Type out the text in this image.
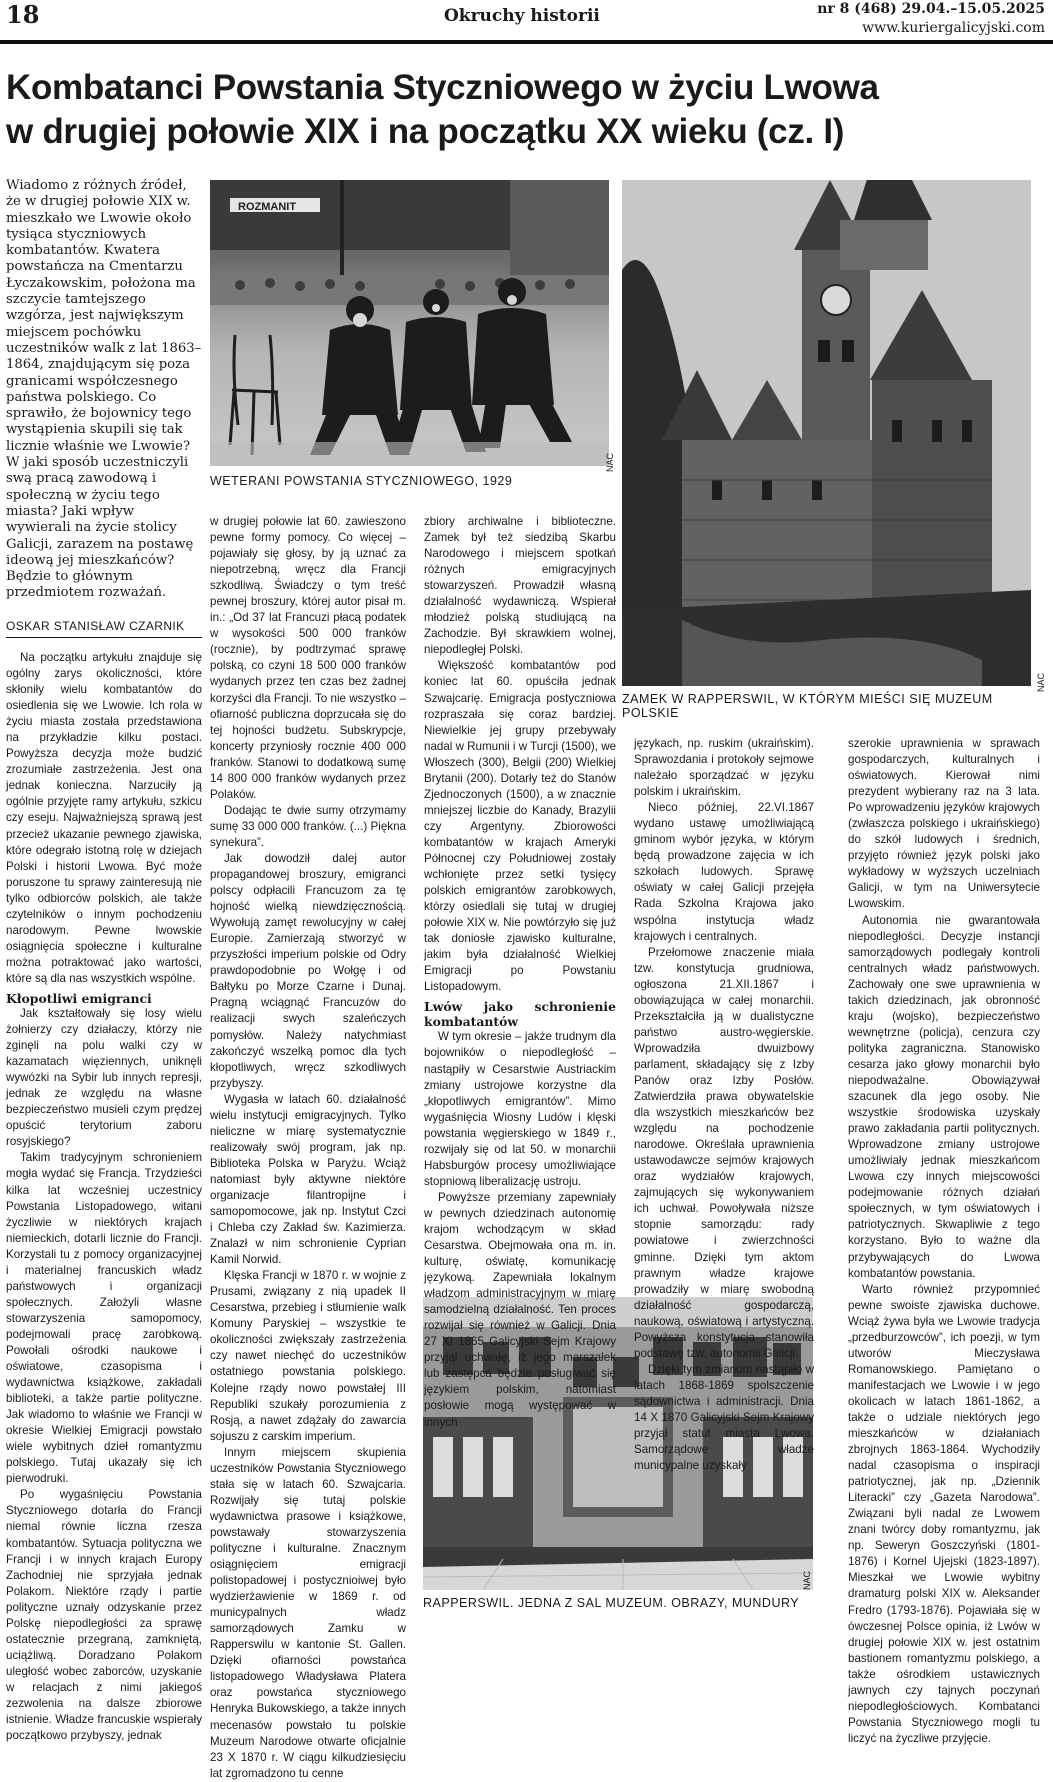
18	Okruchy historii	nr 8 (468) 29.04.–15.05.2025
www.kuriergalicyjski.com
Kombatanci Powstania Styczniowego w życiu Lwowa
w drugiej połowie XIX i na początku XX wieku (cz. I)
Wiadomo z różnych źródeł, że w drugiej połowie XIX w. mieszkało we Lwowie około tysiąca styczniowych kombatantów. Kwatera powstańcza na Cmentarzu Łyczakowskim, położona ma szczycie tamtejszego wzgórza, jest największym miejscem pochówku uczestników walk z lat 1863–1864, znajdującym się poza granicami współczesnego państwa polskiego. Co sprawiło, że bojownicy tego wystąpienia skupili się tak licznie właśnie we Lwowie? W jaki sposób uczestniczyli swą pracą zawodową i społeczną w życiu tego miasta? Jaki wpływ wywierali na życie stolicy Galicji, zarazem na postawę ideową jej mieszkańców? Będzie to głównym przedmiotem rozważań.
OSKAR STANISŁAW CZARNIK
ROZMANIT
WETERANI POWSTANIA STYCZNIOWEGO, 1929
NAC
ZAMEK W RAPPERSWIL, W KTÓRYM MIEŚCI SIĘ MUZEUM POLSKIE
NAC
RAPPERSWIL. JEDNA Z SAL MUZEUM. OBRAZY, MUNDURY
NAC

Na początku artykułu znajduje się ogólny zarys okoliczności, które skłoniły wielu kombatantów do osiedlenia się we Lwowie. Ich rola w życiu miasta została przedstawiona na przykładzie kilku postaci. Powyższa decyzja może budzić zrozumiałe zastrzeżenia. Jest ona jednak konieczna. Narzuciły ją ogólnie przyjęte ramy artykułu, szkicu czy eseju. Najważniejszą sprawą jest przecież ukazanie pewnego zjawiska, które odegrało istotną rolę w dziejach Polski i historii Lwowa. Być może poruszone tu sprawy zainteresują nie tylko odbiorców polskich, ale także czytelników o innym pochodzeniu narodowym. Pewne lwowskie osiągnięcia społeczne i kulturalne można potraktować jako wartości, które są dla nas wszystkich wspólne.

Kłopotliwi emigranci

Jak kształtowały się losy wielu żołnierzy czy działaczy, którzy nie zginęli na polu walki czy w kazamatach więziennych, uniknęli wywózki na Sybir lub innych represji, jednak ze względu na własne bezpieczeństwo musieli czym prędzej opuścić terytorium zaboru rosyjskiego?

Takim tradycyjnym schronieniem mogła wydać się Francja. Trzydzieści kilka lat wcześniej uczestnicy Powstania Listopadowego, witani życzliwie w niektórych krajach niemieckich, dotarli licznie do Francji. Korzystali tu z pomocy organizacyjnej i materialnej francuskich władz państwowych i organizacji społecznych. Założyli własne stowarzyszenia samopomocy, podejmowali pracę zarobkową. Powołali ośrodki naukowe i oświatowe, czasopisma i wydawnictwa książkowe, zakładali biblioteki, a także partie polityczne. Jak wiadomo to właśnie we Francji w okresie Wielkiej Emigracji powstało wiele wybitnych dzieł romantyzmu polskiego. Tutaj ukazały się ich pierwodruki.

Po wygaśnięciu Powstania Styczniowego dotarła do Francji niemal równie liczna rzesza kombatantów. Sytuacja polityczna we Francji i w innych krajach Europy Zachodniej nie sprzyjała jednak Polakom. Niektóre rządy i partie polityczne uznały odzyskanie przez Polskę niepodległości za sprawę ostatecznie przegraną, zamkniętą, uciążliwą. Doradzano Polakom uległość wobec zaborców, uzyskanie w relacjach z nimi jakiegoś zezwolenia na dalsze zbiorowe istnienie. Władze francuskie wspierały początkowo przybyszy, jednak

w drugiej połowie lat 60. zawieszono pewne formy pomocy. Co więcej – pojawiały się głosy, by ją uznać za niepotrzebną, wręcz dla Francji szkodliwą. Świadczy o tym treść pewnej broszury, której autor pisał m. in.: „Od 37 lat Francuzi płacą podatek w wysokości 500 000 franków (rocznie), by podtrzymać sprawę polską, co czyni 18 500 000 franków wydanych przez ten czas bez żadnej korzyści dla Francji. To nie wszystko – ofiarność publiczna doprzucała się do tej hojności budżetu. Subskrypcje, koncerty przyniosły rocznie 400 000 franków. Stanowi to dodatkową sumę 14 800 000 franków wydanych przez Polaków.

Dodając te dwie sumy otrzymamy sumę 33 000 000 franków. (...) Piękna synekura”.

Jak dowodził dalej autor propagandowej broszury, emigranci polscy odpłacili Francuzom za tę hojność wielką niewdzięcznością. Wywołują zamęt rewolucyjny w całej Europie. Zamierzają stworzyć w przyszłości imperium polskie od Odry prawdopodobnie po Wołgę i od Bałtyku po Morze Czarne i Dunaj. Pragną wciągnąć Francuzów do realizacji swych szaleńczych pomysłów. Należy natychmiast zakończyć wszelką pomoc dla tych kłopotliwych, wręcz szkodliwych przybyszy.

Wygasła w latach 60. działalność wielu instytucji emigracyjnych. Tylko nieliczne w miarę systematycznie realizowały swój program, jak np. Biblioteka Polska w Paryżu. Wciąż natomiast były aktywne niektóre organizacje filantropijne i samopomocowe, jak np. Instytut Czci i Chleba czy Zakład św. Kazimierza. Znalazł w nim schronienie Cyprian Kamil Norwid.

Klęska Francji w 1870 r. w wojnie z Prusami, związany z nią upadek II Cesarstwa, przebieg i stłumienie walk Komuny Paryskiej – wszystkie te okoliczności zwiększały zastrzeżenia czy nawet niechęć do uczestników ostatniego powstania polskiego. Kolejne rządy nowo powstałej III Republiki szukały porozumienia z Rosją, a nawet zdążały do zawarcia sojuszu z carskim imperium.

Innym miejscem skupienia uczestników Powstania Styczniowego stała się w latach 60. Szwajcaria. Rozwijały się tutaj polskie wydawnictwa prasowe i książkowe, powstawały stowarzyszenia polityczne i kulturalne. Znacznym osiągnięciem emigracji polistopadowej i postycznioiwej było wydzierżawienie w 1869 r. od municypalnych władz samorządowych Zamku w Rapperswilu w kantonie St. Gallen. Dzięki ofiarności powstańca listopadowego Władysława Platera oraz powstańca styczniowego Henryka Bukowskiego, a także innych mecenasów powstało tu polskie Muzeum Narodowe otwarte oficjalnie 23 X 1870 r. W ciągu kilkudziesięciu lat zgromadzono tu cenne

zbiory archiwalne i biblioteczne. Zamek był też siedzibą Skarbu Narodowego i miejscem spotkań różnych emigracyjnych stowarzyszeń. Prowadził własną działalność wydawniczą. Wspierał młodzież polską studiującą na Zachodzie. Był skrawkiem wolnej, niepodległej Polski.

Większość kombatantów pod koniec lat 60. opuściła jednak Szwajcarię. Emigracja postyczniowa rozpraszała się coraz bardziej. Niewielkie jej grupy przebywały nadal w Rumunii i w Turcji (1500), we Włoszech (300), Belgii (200) Wielkiej Brytanii (200). Dotarły też do Stanów Zjednoczonych (1500), a w znacznie mniejszej liczbie do Kanady, Brazylii czy Argentyny. Zbiorowości kombatantów w krajach Ameryki Północnej czy Południowej zostały wchłonięte przez setki tysięcy polskich emigrantów zarobkowych, którzy osiedlali się tutaj w drugiej połowie XIX w. Nie powtórzyło się już tak doniosłe zjawisko kulturalne, jakim była działalność Wielkiej Emigracji po Powstaniu Listopadowym.

Lwów jako schronienie kombatantów

W tym okresie – jakże trudnym dla bojowników o niepodległość – nastąpiły w Cesarstwie Austriackim zmiany ustrojowe korzystne dla „kłopotliwych emigrantów”. Mimo wygaśnięcia Wiosny Ludów i klęski powstania węgierskiego w 1849 r., rozwijały się od lat 50. w monarchii Habsburgów procesy umożliwiające stopniową liberalizację ustroju.

Powyższe przemiany zapewniały w pewnych dziedzinach autonomię krajom wchodzącym w skład Cesarstwa. Obejmowała ona m. in. kulturę, oświatę, komunikację językową. Zapewniała lokalnym władzom administracyjnym w miarę samodzielną działalność. Ten proces rozwijał się również w Galicji. Dnia 27 XI 1865 Galicyjski Sejm Krajowy przyjął uchwałę, iż jego marszałek lub zastępca będzie posługiwać się językiem polskim, natomiast posłowie mogą występować w innych

językach, np. ruskim (ukraińskim). Sprawozdania i protokoły sejmowe należało sporządzać w języku polskim i ukraińskim.

Nieco później, 22.VI.1867 wydano ustawę umożliwiającą gminom wybór języka, w którym będą prowadzone zajęcia w ich szkołach ludowych. Sprawę oświaty w całej Galicji przejęła Rada Szkolna Krajowa jako wspólna instytucja władz krajowych i centralnych.

Przełomowe znaczenie miała tzw. konstytucja grudniowa, ogłoszona 21.XII.1867 i obowiązująca w całej monarchii. Przekształciła ją w dualistyczne państwo austro-węgierskie. Wprowadziła dwuizbowy parlament, składający się z Izby Panów oraz Izby Posłów. Zatwierdziła prawa obywatelskie dla wszystkich mieszkańców bez względu na pochodzenie narodowe. Określała uprawnienia ustawodawcze sejmów krajowych oraz wydziałów krajowych, zajmujących się wykonywaniem ich uchwał. Powoływała niższe stopnie samorządu: rady powiatowe i zwierzchności gminne. Dzięki tym aktom prawnym władze krajowe prowadziły w miarę swobodną działalność gospodarczą, naukową, oświatową i artystyczną. Powyższa konstytucja stanowiła podstawę tzw. autonomii Galicji.

Dzięki tym zmianom nastąpiło w latach 1868-1869 spolszczenie sądownictwa i administracji. Dnia 14 X 1870 Galicyjski Sejm Krajowy przyjął statut miasta Lwowa. Samorządowe władze municypalne uzyskały

szerokie uprawnienia w sprawach gospodarczych, kulturalnych i oświatowych. Kierował nimi prezydent wybierany raz na 3 lata. Po wprowadzeniu języków krajowych (zwłaszcza polskiego i ukraińskiego) do szkół ludowych i średnich, przyjęto również język polski jako wykładowy w wyższych uczelniach Galicji, w tym na Uniwersytecie Lwowskim.

Autonomia nie gwarantowała niepodległości. Decyzje instancji samorządowych podlegały kontroli centralnych władz państwowych. Zachowały one swe uprawnienia w takich dziedzinach, jak obronność kraju (wojsko), bezpieczeństwo wewnętrzne (policja), cenzura czy polityka zagraniczna. Stanowisko cesarza jako głowy monarchii było niepodważalne. Obowiązywał szacunek dla jego osoby. Nie wszystkie środowiska uzyskały prawo zakładania partii politycznych. Wprowadzone zmiany ustrojowe umożliwiały jednak mieszkańcom Lwowa czy innych miejscowości podejmowanie różnych działań społecznych, w tym oświatowych i patriotycznych. Skwapliwie z tego korzystano. Było to ważne dla przybywających do Lwowa kombatantów powstania.

Warto również przypomnieć pewne swoiste zjawiska duchowe. Wciąż żywa była we Lwowie tradycja „przedburzowców”, ich poezji, w tym utworów Mieczysława Romanowskiego. Pamiętano o manifestacjach we Lwowie i w jego okolicach w latach 1861-1862, a także o udziale niektórych jego mieszkańców w działaniach zbrojnych 1863-1864. Wychodziły nadal czasopisma o inspiracji patriotycznej, jak np. „Dziennik Literacki” czy „Gazeta Narodowa”. Związani byli nadal ze Lwowem znani twórcy doby romantyzmu, jak np. Seweryn Goszczyński (1801-1876) i Kornel Ujejski (1823-1897). Mieszkał we Lwowie wybitny dramaturg polski XIX w. Aleksander Fredro (1793-1876). Pojawiała się w ówczesnej Polsce opinia, iż Lwów w drugiej połowie XIX w. jest ostatnim bastionem romantyzmu polskiego, a także ośrodkiem ustawicznych jawnych czy tajnych poczynań niepodległościowych. Kombatanci Powstania Styczniowego mogli tu liczyć na życzliwe przyjęcie.
